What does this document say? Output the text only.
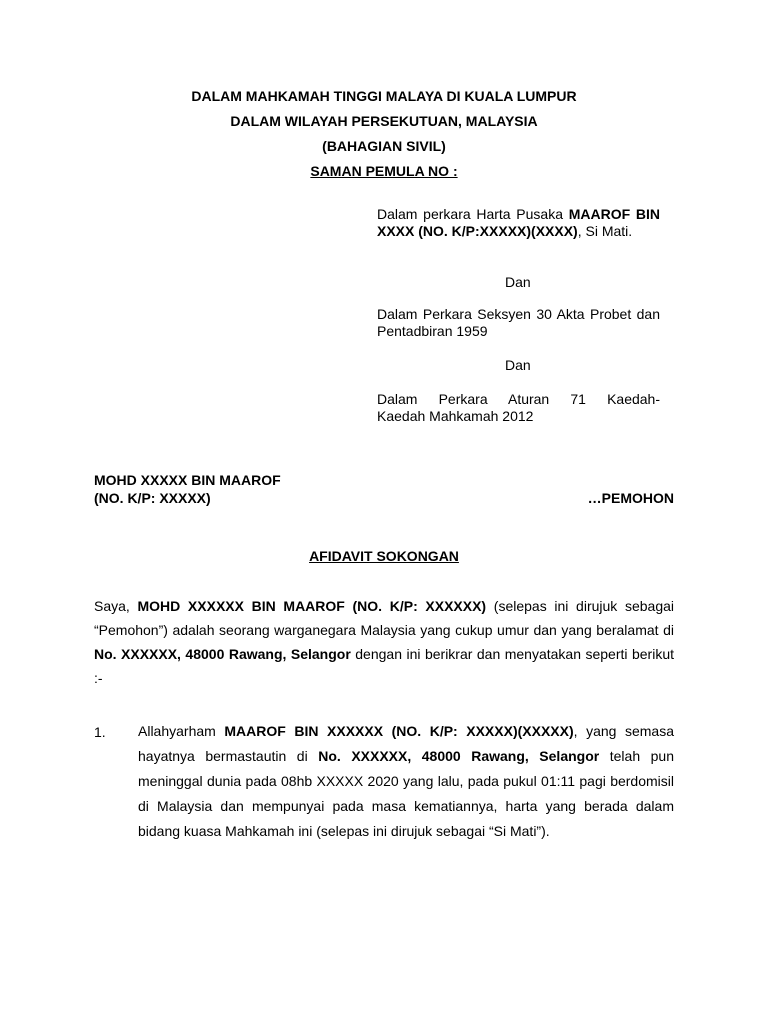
DALAM MAHKAMAH TINGGI MALAYA DI KUALA LUMPUR
DALAM WILAYAH PERSEKUTUAN, MALAYSIA
(BAHAGIAN SIVIL)
SAMAN PEMULA NO :
Dalam perkara Harta Pusaka MAAROF BIN XXXX (NO. K/P:XXXXX)(XXXX), Si Mati.
Dan
Dalam Perkara Seksyen 30 Akta Probet dan Pentadbiran 1959
Dan
Dalam Perkara Aturan 71 Kaedah-
Kaedah Mahkamah 2012
MOHD XXXXX BIN MAAROF
(NO. K/P: XXXXX)	…PEMOHON
AFIDAVIT SOKONGAN
Saya, MOHD XXXXXX BIN MAAROF (NO. K/P: XXXXXX) (selepas ini dirujuk sebagai “Pemohon”) adalah seorang warganegara Malaysia yang cukup umur dan yang beralamat di No. XXXXXX, 48000 Rawang, Selangor dengan ini berikrar dan menyatakan seperti berikut :-
1. Allahyarham MAAROF BIN XXXXXX (NO. K/P: XXXXX)(XXXXX), yang semasa hayatnya bermastautin di No. XXXXXX, 48000 Rawang, Selangor telah pun meninggal dunia pada 08hb XXXXX 2020 yang lalu, pada pukul 01:11 pagi berdomisil di Malaysia dan mempunyai pada masa kematiannya, harta yang berada dalam bidang kuasa Mahkamah ini (selepas ini dirujuk sebagai “Si Mati”).
